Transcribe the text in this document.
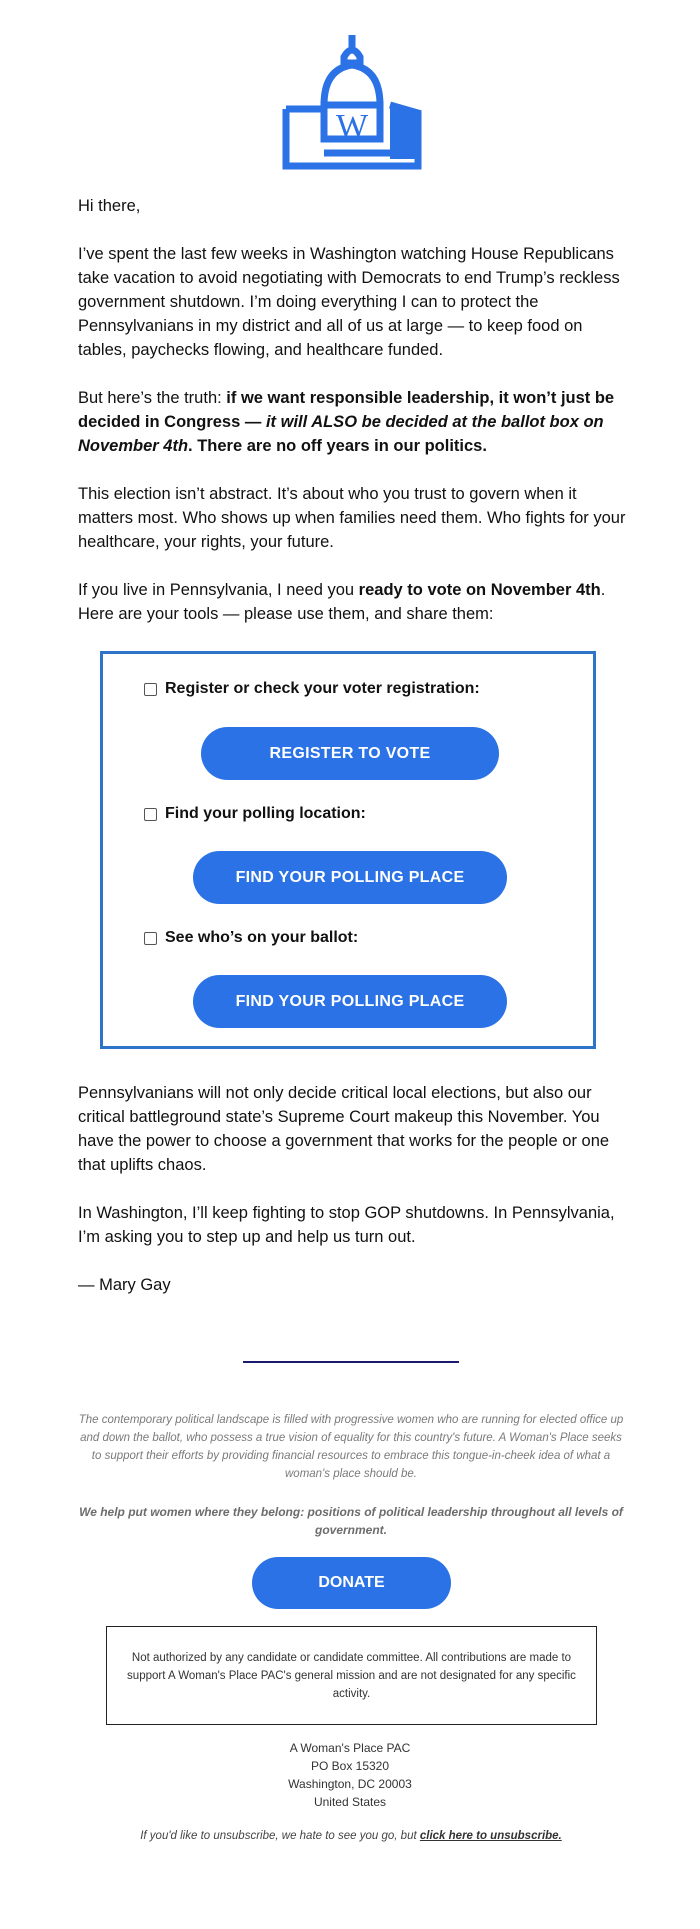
W

Hi there,

I’ve spent the last few weeks in Washington watching House Republicans take vacation to avoid negotiating with Democrats to end Trump’s reckless government shutdown. I’m doing everything I can to protect the Pennsylvanians in my district and all of us at large — to keep food on tables, paychecks flowing, and healthcare funded.

But here’s the truth: if we want responsible leadership, it won’t just be decided in Congress — it will ALSO be decided at the ballot box on November 4th. There are no off years in our politics.

This election isn’t abstract. It’s about who you trust to govern when it matters most. Who shows up when families need them. Who fights for your healthcare, your rights, your future.

If you live in Pennsylvania, I need you ready to vote on November 4th. Here are your tools — please use them, and share them:

Register or check your voter registration:
REGISTER TO VOTE
Find your polling location:
FIND YOUR POLLING PLACE
See who’s on your ballot:
FIND YOUR POLLING PLACE

Pennsylvanians will not only decide critical local elections, but also our critical battleground state’s Supreme Court makeup this November. You have the power to choose a government that works for the people or one that uplifts chaos.

In Washington, I’ll keep fighting to stop GOP shutdowns. In Pennsylvania, I’m asking you to step up and help us turn out.

— Mary Gay

The contemporary political landscape is filled with progressive women who are running for elected office up and down the ballot, who possess a true vision of equality for this country's future. A Woman's Place seeks to support their efforts by providing financial resources to embrace this tongue-in-cheek idea of what a woman's place should be.
We help put women where they belong: positions of political leadership throughout all levels of government.
DONATE
Not authorized by any candidate or candidate committee. All contributions are made to support A Woman's Place PAC's general mission and are not designated for any specific activity.
A Woman's Place PAC
PO Box 15320
Washington, DC 20003
United States
If you'd like to unsubscribe, we hate to see you go, but click here to unsubscribe.
